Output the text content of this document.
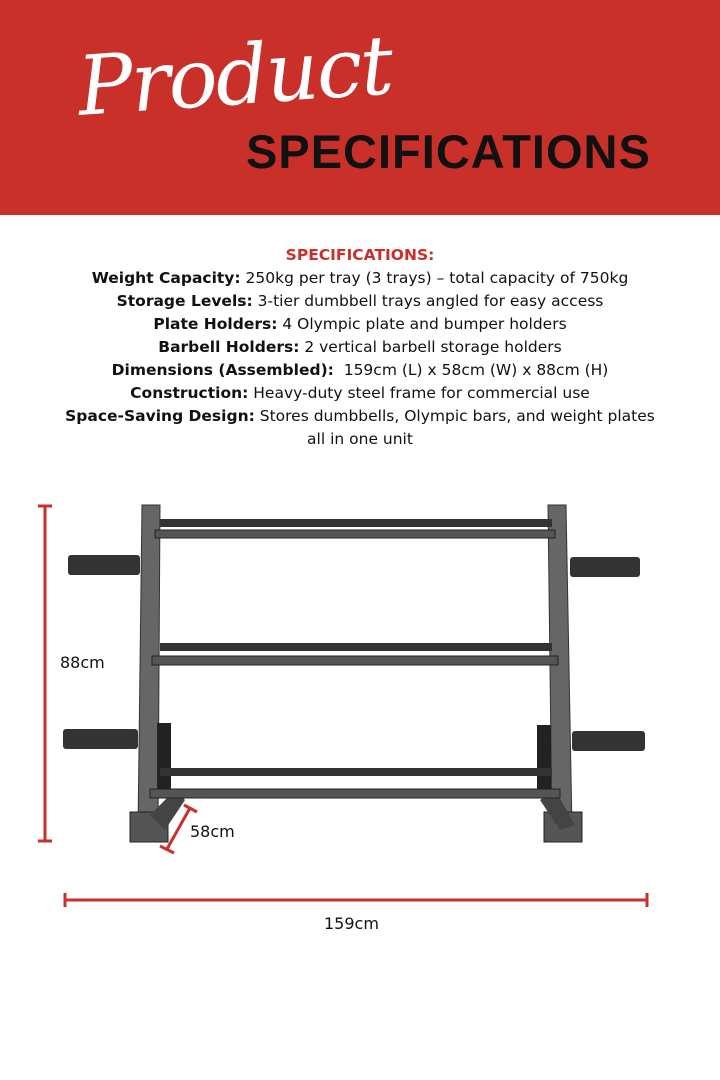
Product
SPECIFICATIONS
SPECIFICATIONS:
Weight Capacity: 250kg per tray (3 trays) – total capacity of 750kg
Storage Levels: 3-tier dumbbell trays angled for easy access
Plate Holders: 4 Olympic plate and bumper holders
Barbell Holders: 2 vertical barbell storage holders
Dimensions (Assembled):  159cm (L) x 58cm (W) x 88cm (H)
Construction: Heavy-duty steel frame for commercial use
Space-Saving Design: Stores dumbbells, Olympic bars, and weight plates
all in one unit
88cm
58cm
159cm
